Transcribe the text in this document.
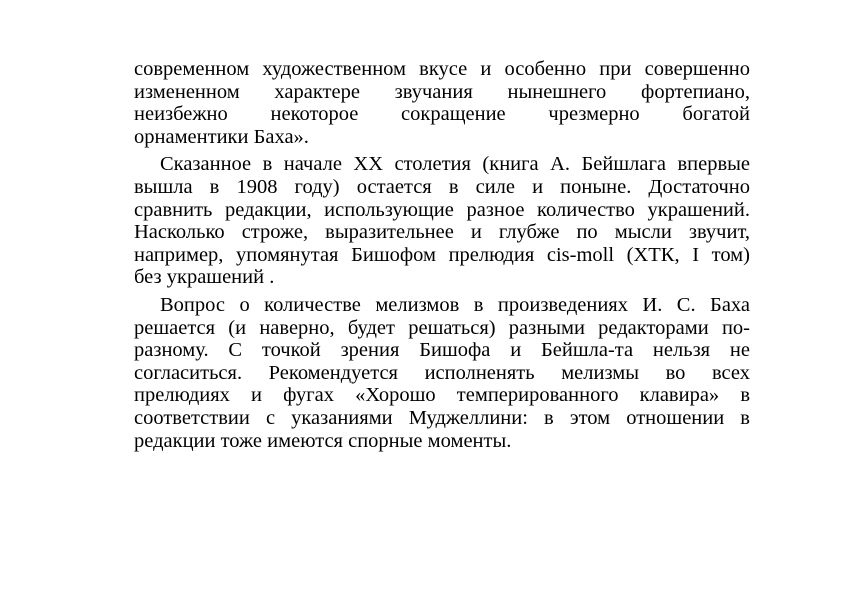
современном художественном вкусе и особенно при совершенно
измененном характере звучания нынешнего фортепиано,
неизбежно некоторое сокращение чрезмерно богатой
орнаментики Баха».

Сказанное в начале XX столетия (книга А. Бейшлага впервые
вышла в 1908 году) остается в силе и поныне. Достаточно
сравнить редакции, использующие разное количество украшений.
Насколько строже, выразительнее и глубже по мысли звучит,
например, упомянутая Бишофом прелюдия cis-moll (ХТК, I том)
без украшений .

Вопрос о количестве мелизмов в произведениях И. С. Баха
решается (и наверно, будет решаться) разными редакторами по-
разному. С точкой зрения Бишофа и Бейшла-та нельзя не
согласиться. Рекомендуется исполненять мелизмы во всех
прелюдиях и фугах «Хорошо темперированного клавира» в
соответствии с указаниями Муджеллини: в этом отношении в
редакции тоже имеются спорные моменты.
